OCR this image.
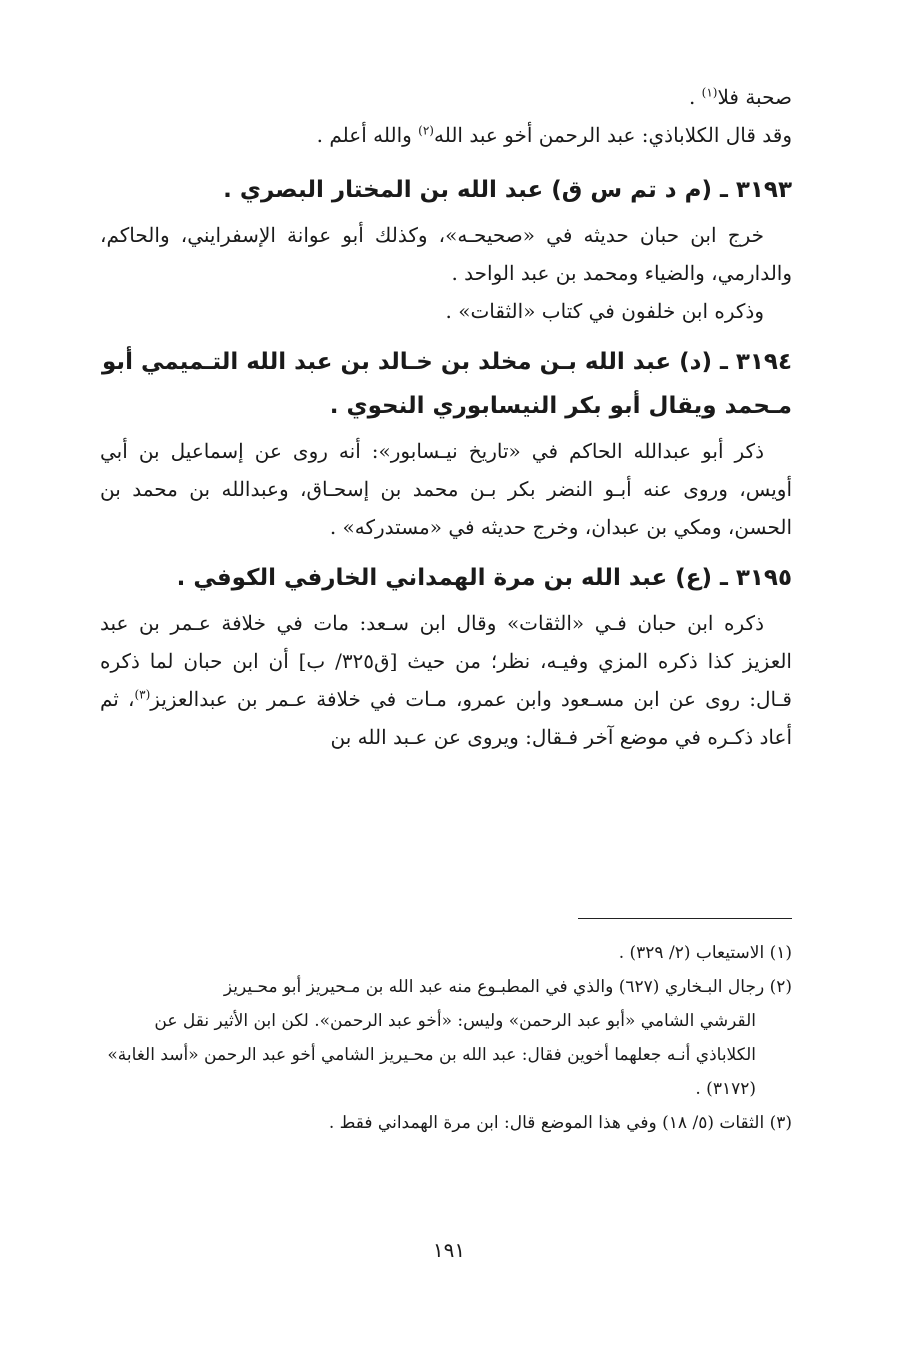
صحبة فلا$^{(١)}$ .

وقد قال الكلاباذي: عبد الرحمن أخو عبد الله$^{(٢)}$ والله أعلم .

٣١٩٣ ـ (م د تم س ق) عبد الله بن المختار البصري .

خرج ابن حبان حديثه في «صحيحـه»، وكذلك أبو عوانة الإسفرايني، والحاكم، والدارمي، والضياء ومحمد بن عبد الواحد .

وذكره ابن خلفون في كتاب «الثقات» .

٣١٩٤ ـ (د) عبد الله بـن مخلد بن خـالد بن عبد الله التـميمي أبو مـحمد ويقال أبو بكر النيسابوري النحوي .

ذكر أبو عبدالله الحاكم في «تاريخ نيـسابور»: أنه روى عن إسماعيل بن أبي أويس، وروى عنه أبـو النضر بكر بـن محمد بن إسحـاق، وعبدالله بن محمد بن الحسن، ومكي بن عبدان، وخرج حديثه في «مستدركه» .

٣١٩٥ ـ (ع) عبد الله بن مرة الهمداني الخارفي الكوفي .

ذكره ابن حبان فـي «الثقات» وقال ابن سـعد: مات في خلافة عـمر بن عبد العزيز كذا ذكره المزي وفيـه، نظر؛ من حيث [ق٣٢٥/ ب] أن ابن حبان لما ذكره قـال: روى عن ابن مسـعود وابن عمرو، مـات في خلافة عـمر بن عبدالعزيز$^{(٣)}$، ثم أعاد ذكـره في موضع آخر فـقال: ويروى عن عـبد الله بن

(١) الاستيعاب (٢/ ٣٢٩) .

(٢) رجال البـخاري (٦٢٧) والذي في المطبـوع منه عبد الله بن مـحيريز أبو محـيريز

القرشي الشامي «أبو عبد الرحمن» وليس: «أخو عبد الرحمن». لكن ابن الأثير نقل عن الكلاباذي أنـه جعلهما أخوين فقال: عبد الله بن محـيريز الشامي أخو عبد الرحمن «أسد الغابة» (٣١٧٢) .

(٣) الثقات (٥/ ١٨) وفي هذا الموضع قال: ابن مرة الهمداني فقط .

١٩١
